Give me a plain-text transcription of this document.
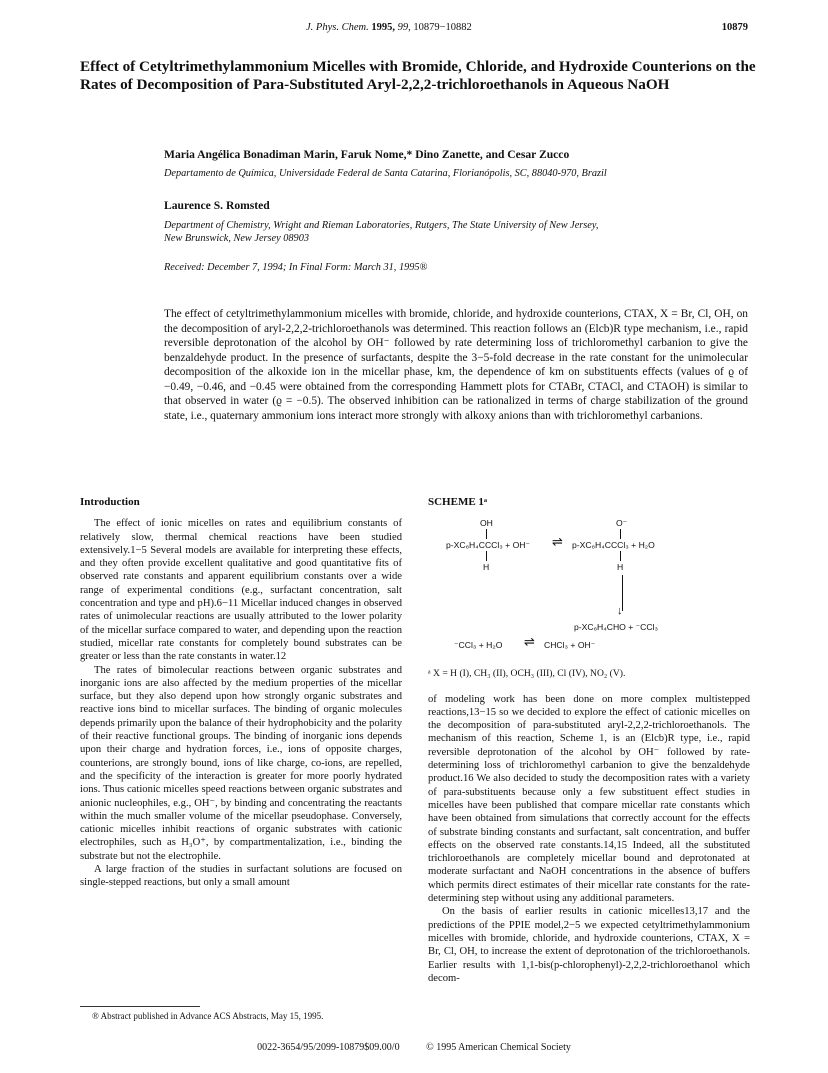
J. Phys. Chem. 1995, 99, 10879−10882	10879
Effect of Cetyltrimethylammonium Micelles with Bromide, Chloride, and Hydroxide Counterions on the Rates of Decomposition of Para-Substituted Aryl-2,2,2-trichloroethanols in Aqueous NaOH
Maria Angélica Bonadiman Marin, Faruk Nome,* Dino Zanette, and Cesar Zucco
Departamento de Química, Universidade Federal de Santa Catarina, Florianópolis, SC, 88040-970, Brazil
Laurence S. Romsted
Department of Chemistry, Wright and Rieman Laboratories, Rutgers, The State University of New Jersey,
New Brunswick, New Jersey 08903
Received: December 7, 1994; In Final Form: March 31, 1995®

The effect of cetyltrimethylammonium micelles with bromide, chloride, and hydroxide counterions, CTAX, X = Br, Cl, OH, on the decomposition of aryl-2,2,2-trichloroethanols was determined. This reaction follows an (Elcb)R type mechanism, i.e., rapid reversible deprotonation of the alcohol by OH⁻ followed by rate determining loss of trichloromethyl carbanion to give the benzaldehyde product. In the presence of surfactants, despite the 3−5-fold decrease in the rate constant for the unimolecular decomposition of the alkoxide ion in the micellar phase, km, the dependence of km on substituents effects (values of ϱ of −0.49, −0.46, and −0.45 were obtained from the corresponding Hammett plots for CTABr, CTACl, and CTAOH) is similar to that observed in water (ϱ = −0.5). The observed inhibition can be rationalized in terms of charge stabilization of the ground state, i.e., quaternary ammonium ions interact more strongly with alkoxy anions than with trichloromethyl carbanions.

Introduction

The effect of ionic micelles on rates and equilibrium constants of relatively slow, thermal chemical reactions have been studied extensively.1−5 Several models are available for interpreting these effects, and they often provide excellent qualitative and good quantitative fits of observed rate constants and apparent equilibrium constants over a wide range of experimental conditions (e.g., surfactant concentration, salt concentration and type and pH).6−11 Micellar induced changes in observed rates of unimolecular reactions are usually attributed to the lower polarity of the micellar surface compared to water, and depending upon the reaction studied, micellar rate constants for completely bound substrates can be greater or less than the rate constants in water.12

The rates of bimolecular reactions between organic substrates and inorganic ions are also affected by the medium properties of the micellar surface, but they also depend upon how strongly organic substrates and reactive ions bind to micellar surfaces. The binding of organic molecules depends primarily upon the balance of their hydrophobicity and the polarity of their reactive functional groups. The binding of inorganic ions depends upon their charge and hydration forces, i.e., ions of opposite charges, counterions, are strongly bound, ions of like charge, co-ions, are repelled, and the specificity of the interaction is greater for more poorly hydrated ions. Thus cationic micelles speed reactions between organic substrates and anionic nucleophiles, e.g., OH⁻, by binding and concentrating the reactants within the much smaller volume of the micellar pseudophase. Conversely, cationic micelles inhibit reactions of organic substrates with cationic electrophiles, such as H₃O⁺, by compartmentalization, i.e., binding the substrate but not the electrophile.

A large fraction of the studies in surfactant solutions are focused on single-stepped reactions, but only a small amount

SCHEME 1ᵃ
OH
p-XC₆H₄CCCl₃ + OH⁻ ⇌ p-XC₆H₄CCCl₃ + H₂O
H
O⁻
H
↓
p-XC₆H₄CHO + ⁻CCl₃
⁻CCl₃ + H₂O ⇌ CHCl₃ + OH⁻

ᵃ X = H (I), CH₃ (II), OCH₃ (III), Cl (IV), NO₂ (V).

of modeling work has been done on more complex multistepped reactions,13−15 so we decided to explore the effect of cationic micelles on the decomposition of para-substituted aryl-2,2,2-trichloroethanols. The mechanism of this reaction, Scheme 1, is an (Elcb)R type, i.e., rapid reversible deprotonation of the alcohol by OH⁻ followed by rate-determining loss of trichloromethyl carbanion to give the benzaldehyde product.16 We also decided to study the decomposition rates with a variety of para-substituents because only a few substituent effect studies in micelles have been published that compare micellar rate constants which have been obtained from simulations that correctly account for the effects of substrate binding constants and surfactant, salt concentration, and buffer effects on the observed rate constants.14,15 Indeed, all the substituted trichloroethanols are completely micellar bound and deprotonated at moderate surfactant and NaOH concentrations in the absence of buffers which permits direct estimates of their micellar rate constants for the rate-determining step without using any additional parameters.

On the basis of earlier results in cationic micelles13,17 and the predictions of the PPIE model,2−5 we expected cetyltrimethylammonium micelles with bromide, chloride, and hydroxide counterions, CTAX, X = Br, Cl, OH, to increase the extent of deprotonation of the trichloroethanols. Earlier results with 1,1-bis(p-chlorophenyl)-2,2,2-trichloroethanol which decom-

® Abstract published in Advance ACS Abstracts, May 15, 1995.
0022-3654/95/2099-10879$09.00/0	© 1995 American Chemical Society
